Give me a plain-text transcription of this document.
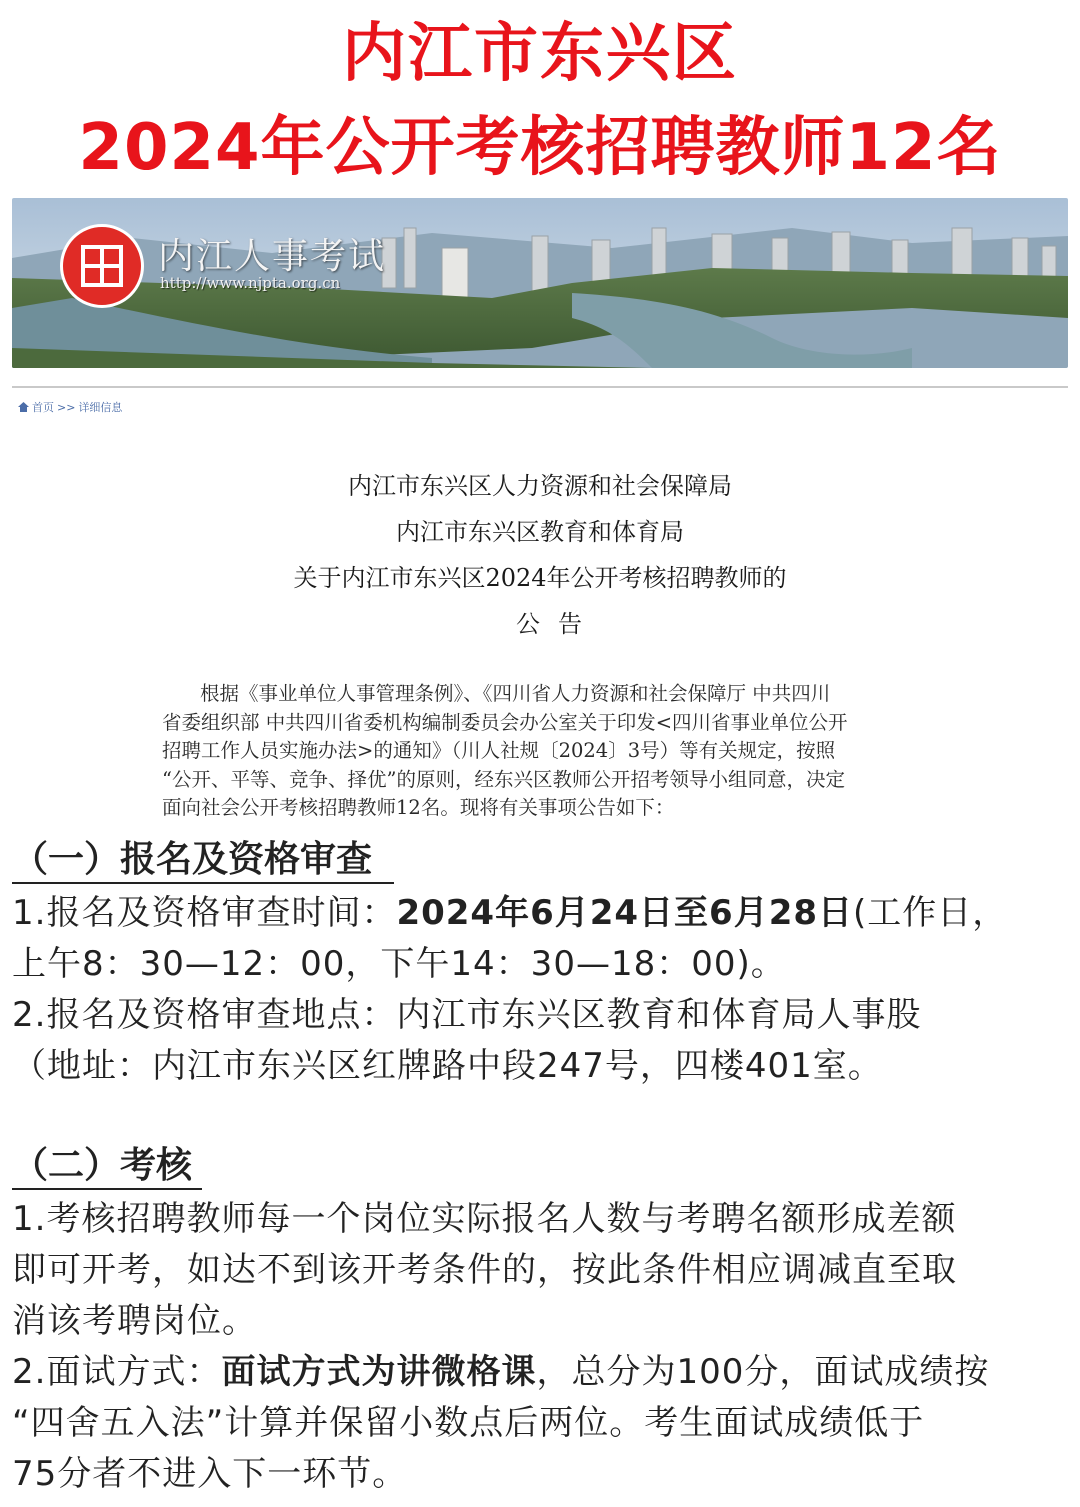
内江市东兴区
2024年公开考核招聘教师12名
内江人事考试
http://www.njpta.org.cn
首页 >> 详细信息
内江市东兴区人力资源和社会保障局
内江市东兴区教育和体育局
关于内江市东兴区2024年公开考核招聘教师的
公告
根据《事业单位人事管理条例》、《四川省人力资源和社会保障厅 中共四川
省委组织部 中共四川省委机构编制委员会办公室关于印发<四川省事业单位公开
招聘工作人员实施办法>的通知》（川人社规〔2024〕3号）等有关规定，按照
“公开、平等、竞争、择优”的原则，经东兴区教师公开招考领导小组同意，决定
面向社会公开考核招聘教师12名。现将有关事项公告如下：
（一）报名及资格审查
1.报名及资格审查时间：2024年6月24日至6月28日(工作日，
上午8：30—12：00，下午14：30—18：00)。
2.报名及资格审查地点：内江市东兴区教育和体育局人事股
（地址：内江市东兴区红牌路中段247号，四楼401室。
（二）考核
1.考核招聘教师每一个岗位实际报名人数与考聘名额形成差额
即可开考，如达不到该开考条件的，按此条件相应调减直至取
消该考聘岗位。
2.面试方式：面试方式为讲微格课，总分为100分，面试成绩按
“四舍五入法”计算并保留小数点后两位。考生面试成绩低于
75分者不进入下一环节。
